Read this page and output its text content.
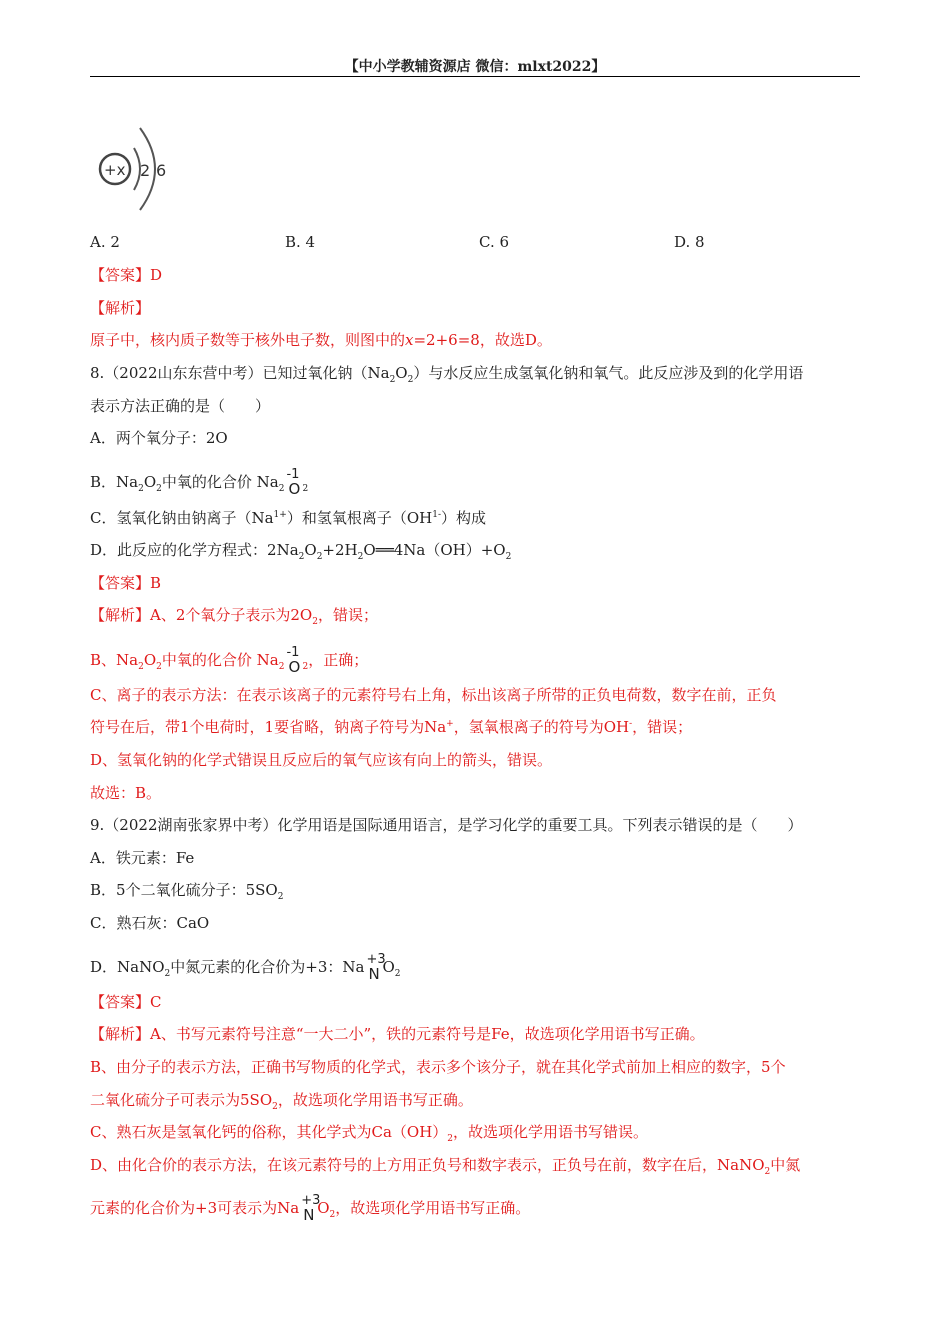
【中小学教辅资源店 微信：mlxt2022】
+x 2 6
A. 2	B. 4	C. 6	D. 8
【答案】D
【解析】
原子中，核内质子数等于核外电子数，则图中的x=2+6=8，故选D。
8.（2022山东东营中考）已知过氧化钠$(Na_2O_2)$与水反应生成氢氧化钠和氧气。此反应涉及到的化学用语
表示方法正确的是（　　）
A．两个氧分子：2O
B．$Na_2O_2$中氧的化合价 $Na_2$
-1
O $_2$
C．氢氧化钠由钠离子$(Na^{1+})$和氢氧根离子$(OH^{1-})$构成
D．此反应的化学方程式：$2Na_2O_2+2H_2O══4Na(OH)+O_2$
【答案】B
【解析】A、2个氧分子表示为$2O_2$，错误；
B、$Na_2O_2$中氧的化合价 $Na_2$
-1
O $_2$，正确；
C、离子的表示方法：在表示该离子的元素符号右上角，标出该离子所带的正负电荷数，数字在前，正负
符号在后，带1个电荷时，1要省略，钠离子符号为Na+，氢氧根离子的符号为OH-，错误；
D、氢氧化钠的化学式错误且反应后的氧气应该有向上的箭头，错误。
故选：B。
9.（2022湖南张家界中考）化学用语是国际通用语言，是学习化学的重要工具。下列表示错误的是（　　）
A．铁元素：Fe
B．5个二氧化硫分子：$5SO_2$
C．熟石灰：CaO
D．NaNO$_2$中氮元素的化合价为+3：Na +3
N $O_2$
【答案】C
【解析】A、书写元素符号注意“一大二小”，铁的元素符号是Fe，故选项化学用语书写正确。
B、由分子的表示方法，正确书写物质的化学式，表示多个该分子，就在其化学式前加上相应的数字，5个
二氧化硫分子可表示为$5SO_2$，故选项化学用语书写正确。
C、熟石灰是氢氧化钙的俗称，其化学式为$Ca(OH)_2$，故选项化学用语书写错误。
D、由化合价的表示方法，在该元素符号的上方用正负号和数字表示，正负号在前，数字在后，NaNO$_2$中氮
元素的化合价为+3可表示为Na +3
N $O_2$，故选项化学用语书写正确。
